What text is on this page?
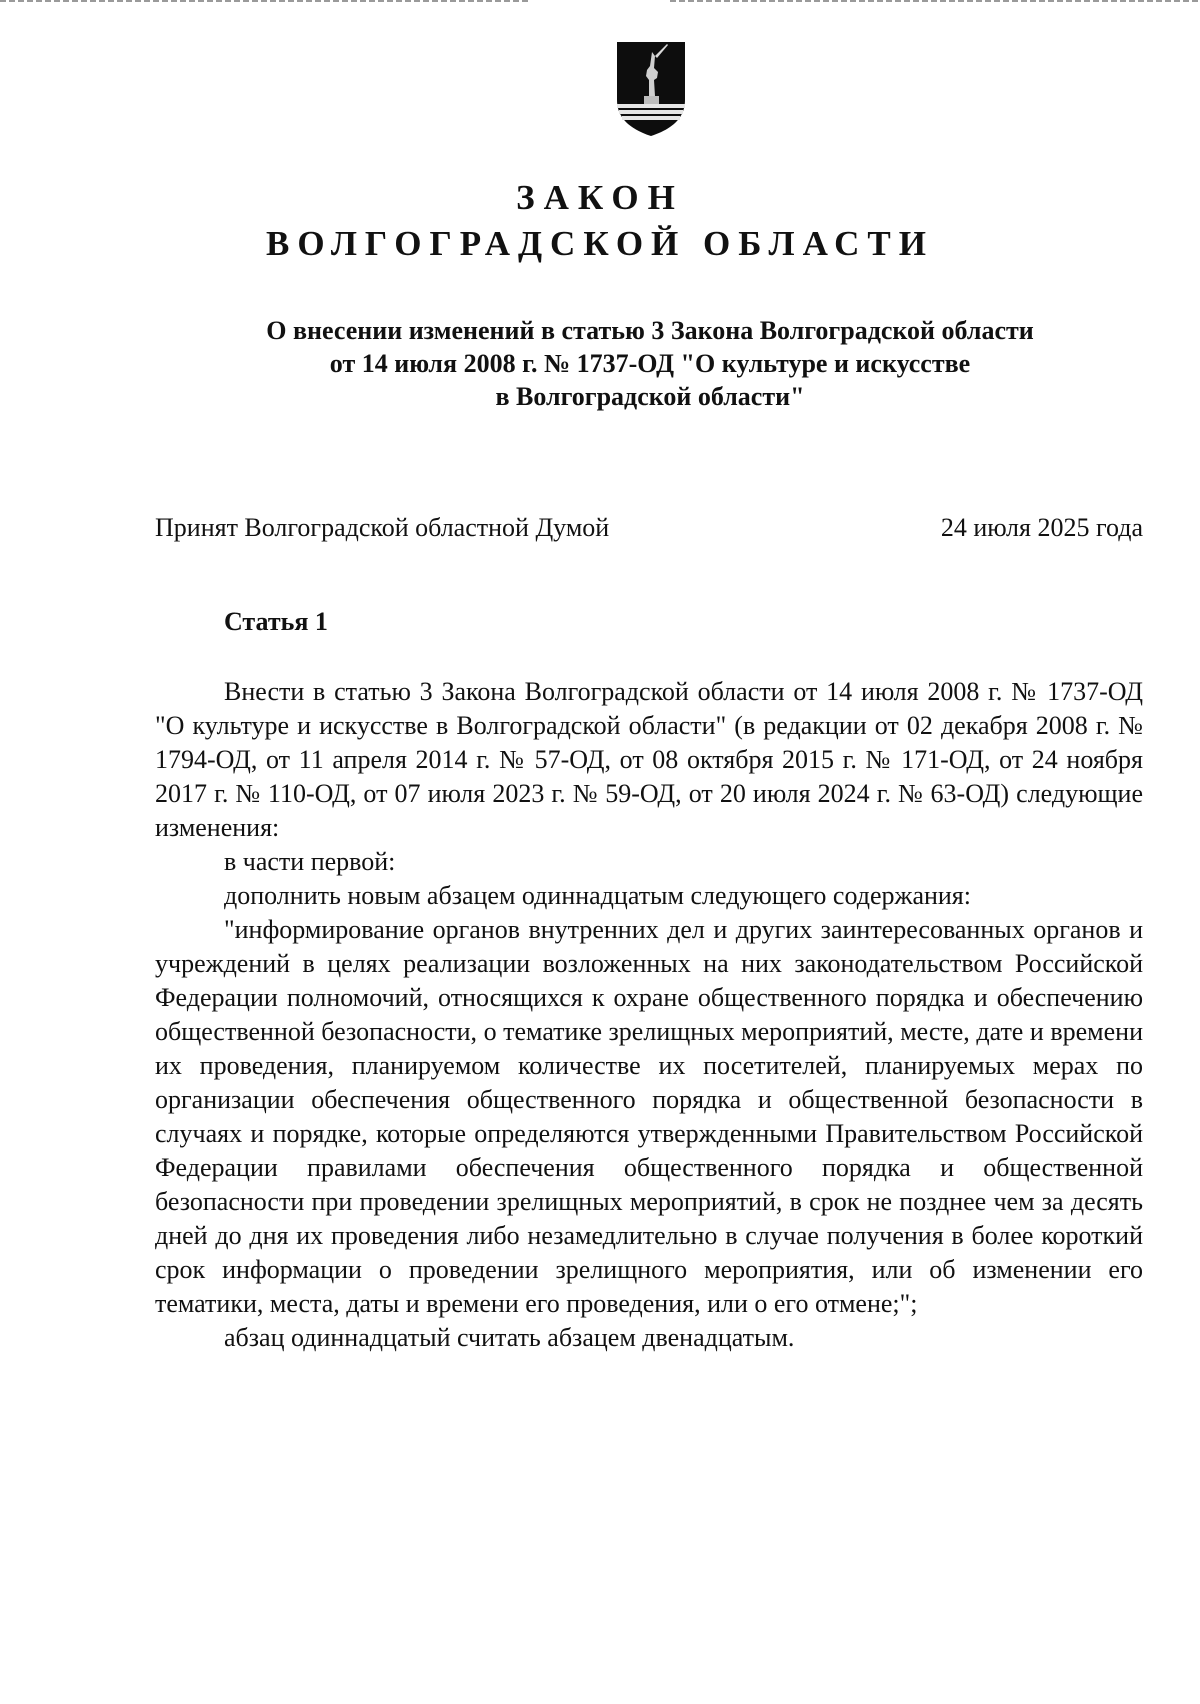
ЗАКОН
ВОЛГОГРАДСКОЙ ОБЛАСТИ
О внесении изменений в статью 3 Закона Волгоградской области
от 14 июля 2008 г. № 1737-ОД "О культуре и искусстве
в Волгоградской области"
Принят Волгоградской областной Думой	24 июля 2025 года
Статья 1

Внести в статью 3 Закона Волгоградской области от 14 июля 2008 г. № 1737-ОД "О культуре и искусстве в Волгоградской области" (в редакции от 02 декабря 2008 г. № 1794-ОД, от 11 апреля 2014 г. № 57-ОД, от 08 октября 2015 г. № 171-ОД, от 24 ноября 2017 г. № 110-ОД, от 07 июля 2023 г. № 59-ОД, от 20 июля 2024 г. № 63-ОД) следующие изменения:

в части первой:

дополнить новым абзацем одиннадцатым следующего содержания:

"информирование органов внутренних дел и других заинтересованных органов и учреждений в целях реализации возложенных на них законодательством Российской Федерации полномочий, относящихся к охране общественного порядка и обеспечению общественной безопасности, о тематике зрелищных мероприятий, месте, дате и времени их проведения, планируемом количестве их посетителей, планируемых мерах по организации обеспечения общественного порядка и общественной безопасности в случаях и порядке, которые определяются утвержденными Правительством Российской Федерации правилами обеспечения общественного порядка и общественной безопасности при проведении зрелищных мероприятий, в срок не позднее чем за десять дней до дня их проведения либо незамедлительно в случае получения в более короткий срок информации о проведении зрелищного мероприятия, или об изменении его тематики, места, даты и времени его проведения, или о его отмене;";

абзац одиннадцатый считать абзацем двенадцатым.
